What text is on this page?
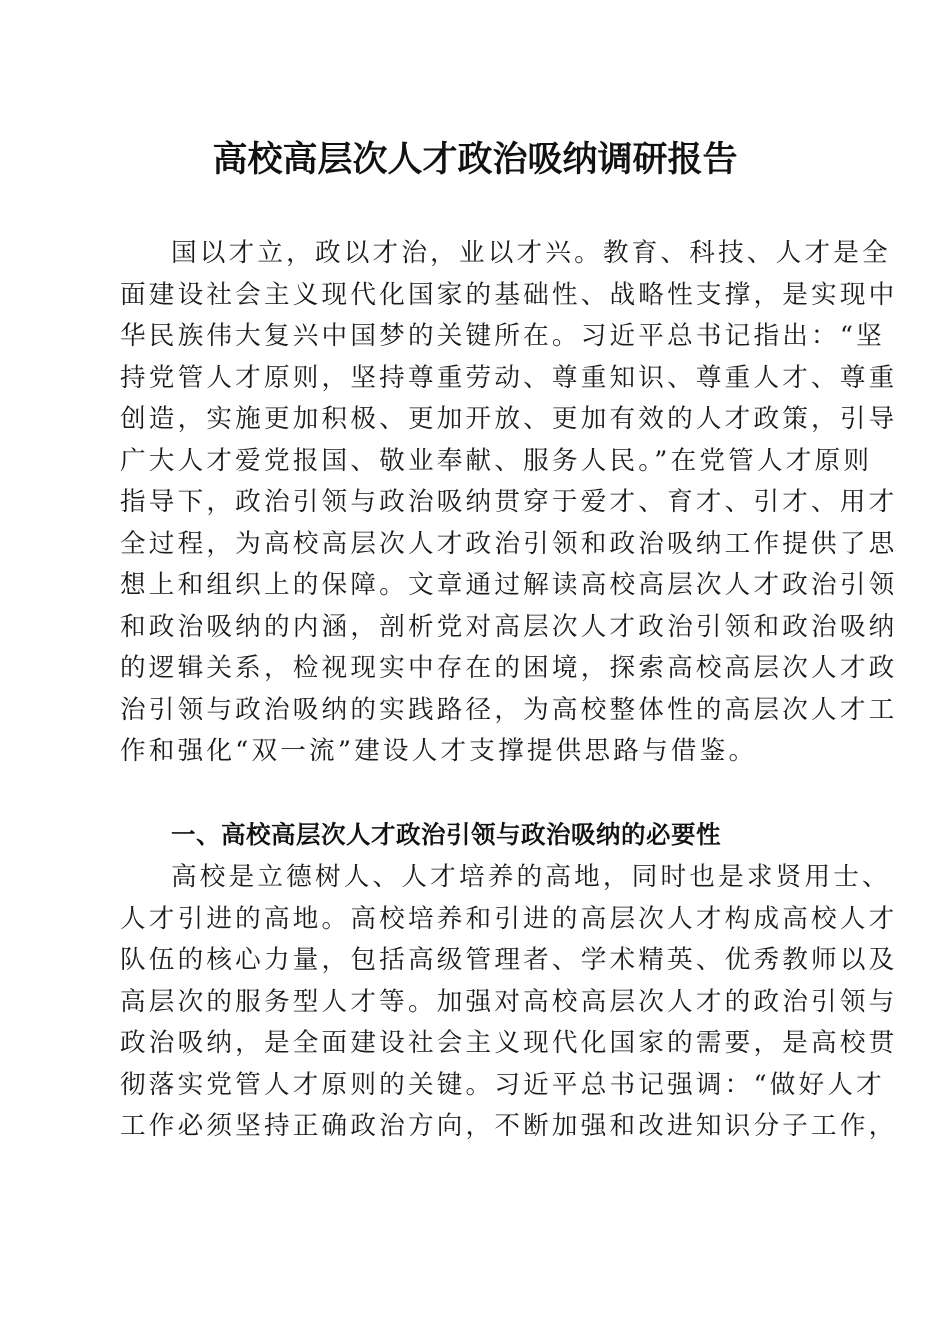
高校高层次人才政治吸纳调研报告
国以才立，政以才治，业以才兴。教育、科技、人才是全
面建设社会主义现代化国家的基础性、战略性支撑，是实现中
华民族伟大复兴中国梦的关键所在。习近平总书记指出：“坚
持党管人才原则，坚持尊重劳动、尊重知识、尊重人才、尊重
创造，实施更加积极、更加开放、更加有效的人才政策，引导
广大人才爱党报国、敬业奉献、服务人民。”在党管人才原则
指导下，政治引领与政治吸纳贯穿于爱才、育才、引才、用才
全过程，为高校高层次人才政治引领和政治吸纳工作提供了思
想上和组织上的保障。文章通过解读高校高层次人才政治引领
和政治吸纳的内涵，剖析党对高层次人才政治引领和政治吸纳
的逻辑关系，检视现实中存在的困境，探索高校高层次人才政
治引领与政治吸纳的实践路径，为高校整体性的高层次人才工
作和强化“双一流”建设人才支撑提供思路与借鉴。
一、高校高层次人才政治引领与政治吸纳的必要性
高校是立德树人、人才培养的高地，同时也是求贤用士、
人才引进的高地。高校培养和引进的高层次人才构成高校人才
队伍的核心力量，包括高级管理者、学术精英、优秀教师以及
高层次的服务型人才等。加强对高校高层次人才的政治引领与
政治吸纳，是全面建设社会主义现代化国家的需要，是高校贯
彻落实党管人才原则的关键。习近平总书记强调：“做好人才
工作必须坚持正确政治方向，不断加强和改进知识分子工作，
